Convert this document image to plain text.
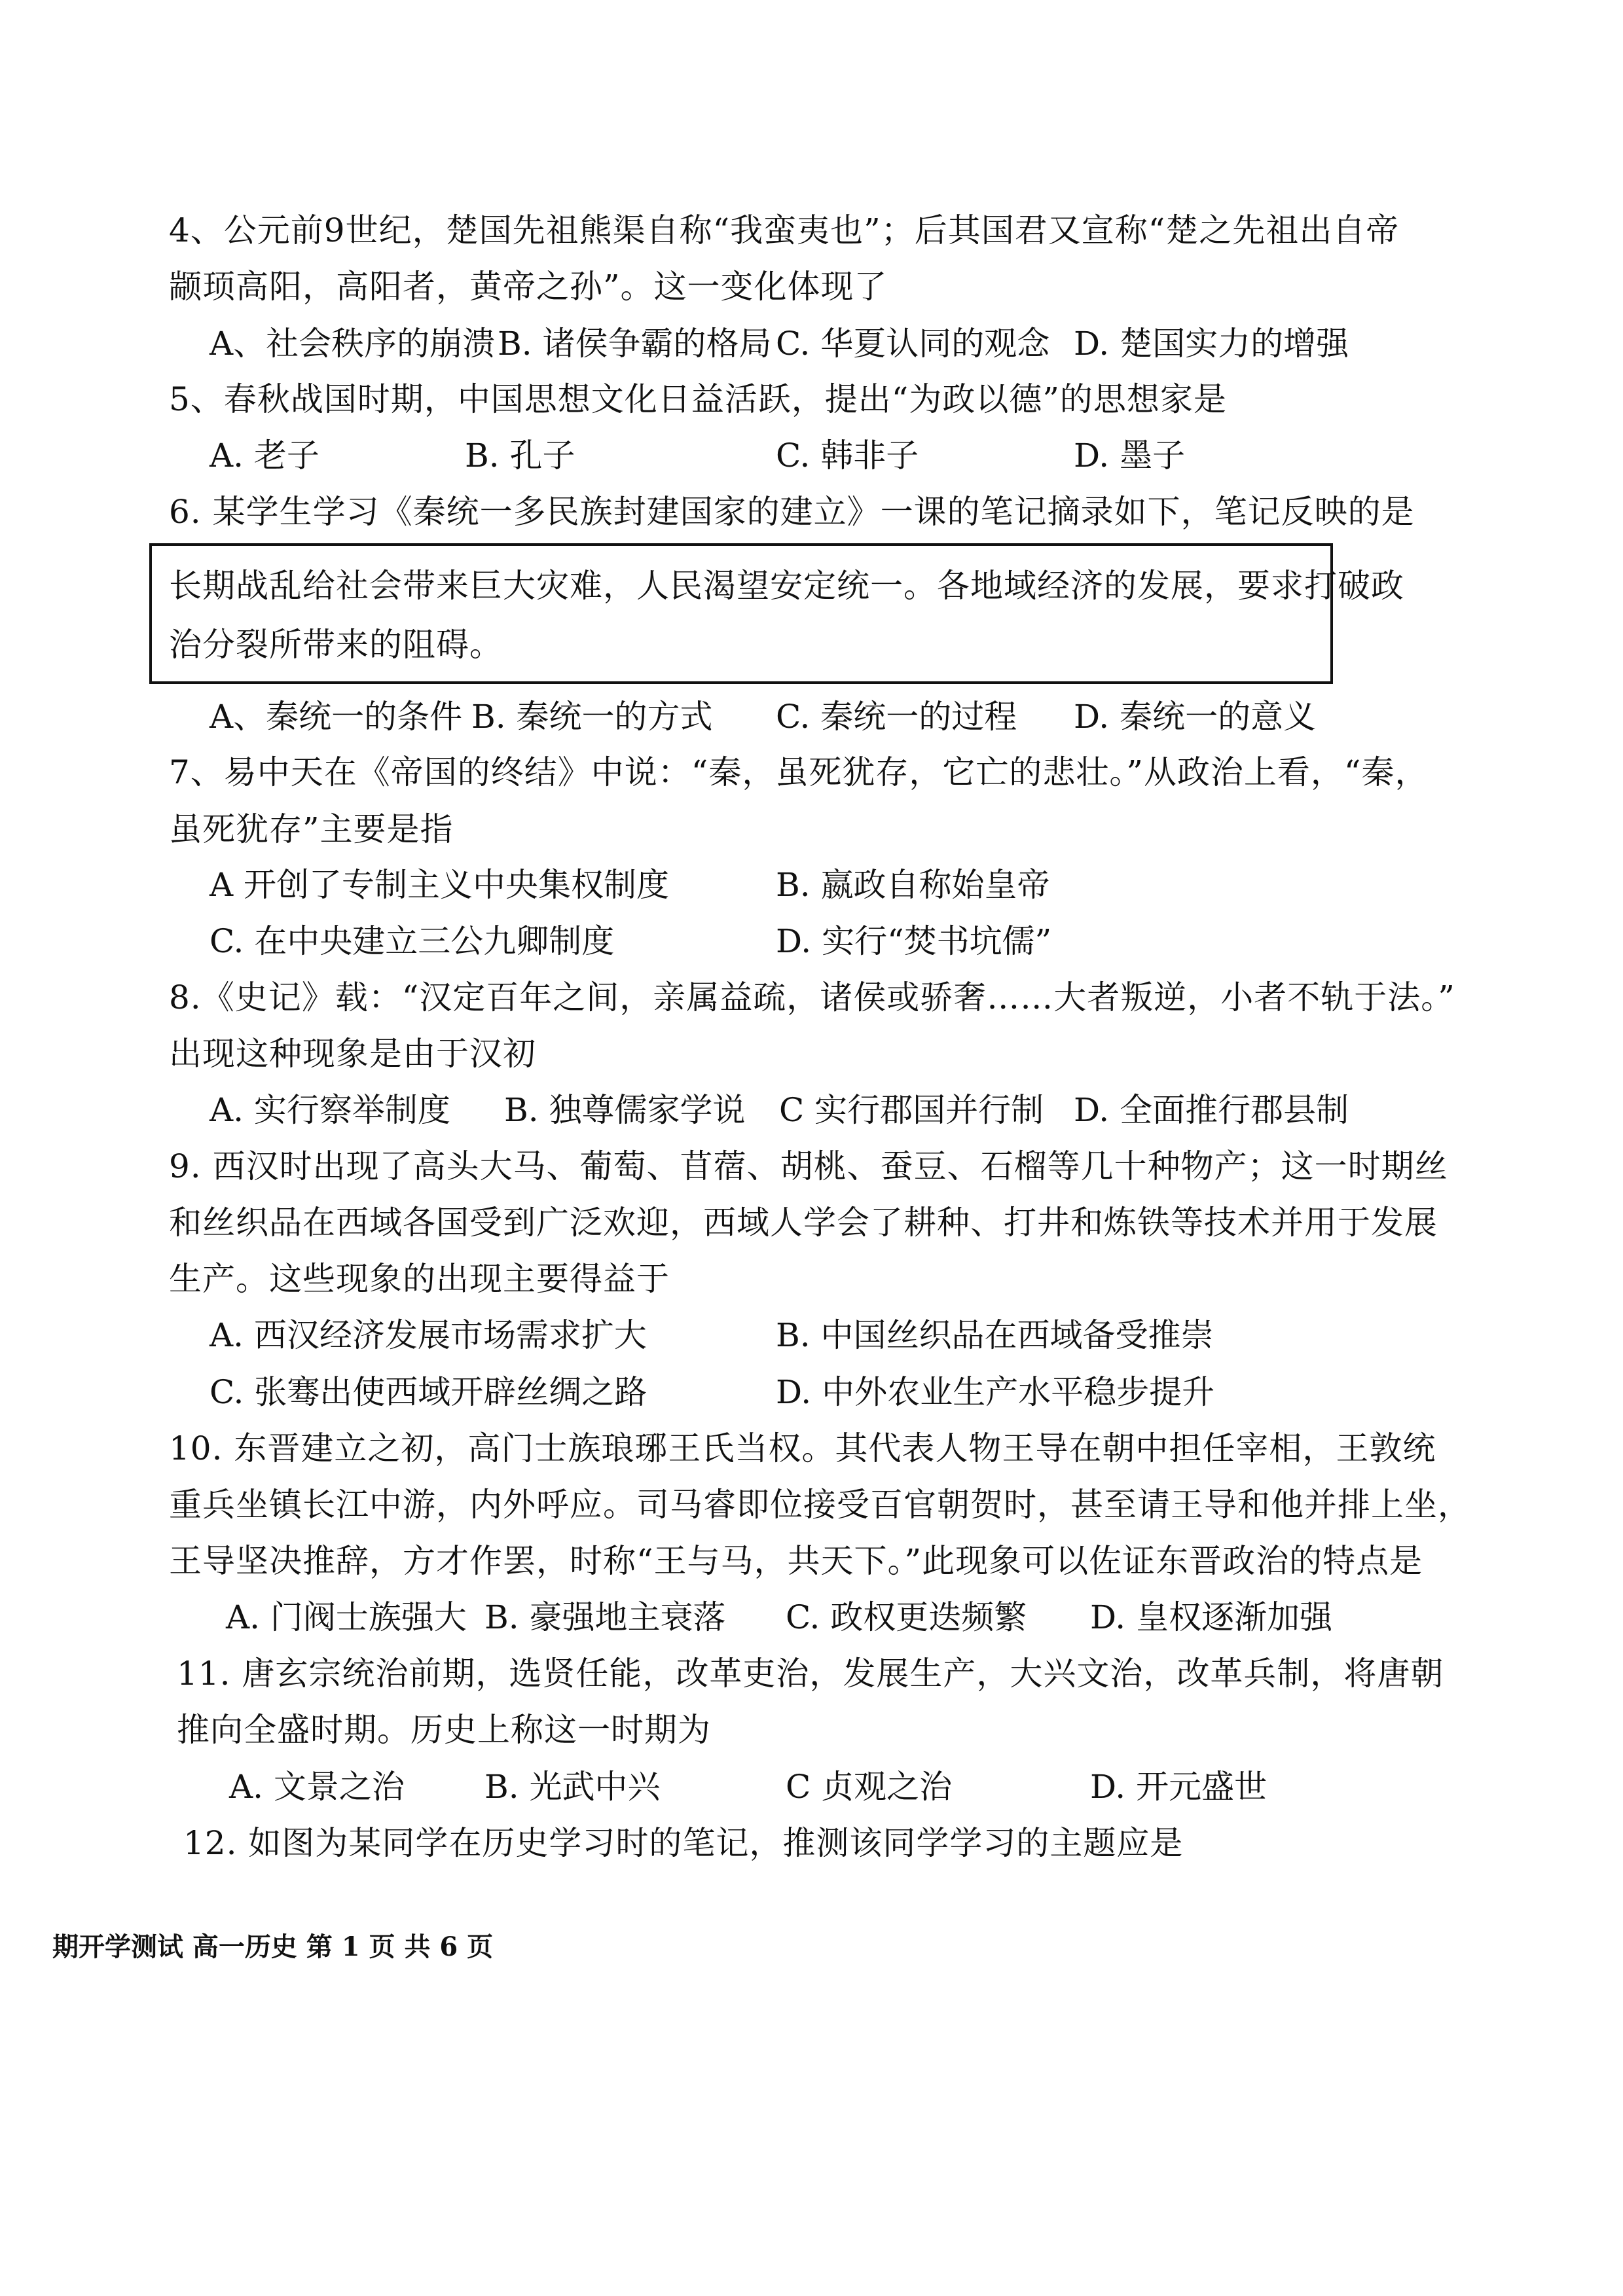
4、公元前9世纪，楚国先祖熊渠自称“我蛮夷也”；后其国君又宣称“楚之先祖出自帝
颛顼高阳，高阳者，黄帝之孙”。这一变化体现了
A、社会秩序的崩溃 B. 诸侯争霸的格局 C. 华夏认同的观念 D. 楚国实力的增强
5、春秋战国时期，中国思想文化日益活跃，提出“为政以德”的思想家是
A. 老子	B. 孔子	C. 韩非子	D. 墨子
6. 某学生学习《秦统一多民族封建国家的建立》一课的笔记摘录如下，笔记反映的是
长期战乱给社会带来巨大灾难，人民渴望安定统一。各地域经济的发展，要求打破政
治分裂所带来的阻碍。
A、秦统一的条件 B. 秦统一的方式 C. 秦统一的过程 D. 秦统一的意义
7、易中天在《帝国的终结》中说：“秦，虽死犹存，它亡的悲壮。”从政治上看，“秦，
虽死犹存”主要是指
A 开创了专制主义中央集权制度	B. 嬴政自称始皇帝
C. 在中央建立三公九卿制度	D. 实行“焚书坑儒”
8.《史记》载：“汉定百年之间，亲属益疏，诸侯或骄奢……大者叛逆，小者不轨于法。”
出现这种现象是由于汉初
A. 实行察举制度 B. 独尊儒家学说 C 实行郡国并行制 D. 全面推行郡县制
9. 西汉时出现了高头大马、葡萄、苜蓿、胡桃、蚕豆、石榴等几十种物产；这一时期丝
和丝织品在西域各国受到广泛欢迎，西域人学会了耕种、打井和炼铁等技术并用于发展
生产。这些现象的出现主要得益于
A. 西汉经济发展市场需求扩大	B. 中国丝织品在西域备受推崇
C. 张骞出使西域开辟丝绸之路	D. 中外农业生产水平稳步提升
10. 东晋建立之初，高门士族琅琊王氏当权。其代表人物王导在朝中担任宰相，王敦统
重兵坐镇长江中游，内外呼应。司马睿即位接受百官朝贺时，甚至请王导和他并排上坐，
王导坚决推辞，方才作罢，时称“王与马，共天下。”此现象可以佐证东晋政治的特点是
A. 门阀士族强大 B. 豪强地主衰落 C. 政权更迭频繁 D. 皇权逐渐加强
11. 唐玄宗统治前期，选贤任能，改革吏治，发展生产，大兴文治，改革兵制，将唐朝
推向全盛时期。历史上称这一时期为
A. 文景之治 B. 光武中兴	C 贞观之治	D. 开元盛世
12. 如图为某同学在历史学习时的笔记，推测该同学学习的主题应是
期开学测试 高一历史 第 1 页 共 6 页
